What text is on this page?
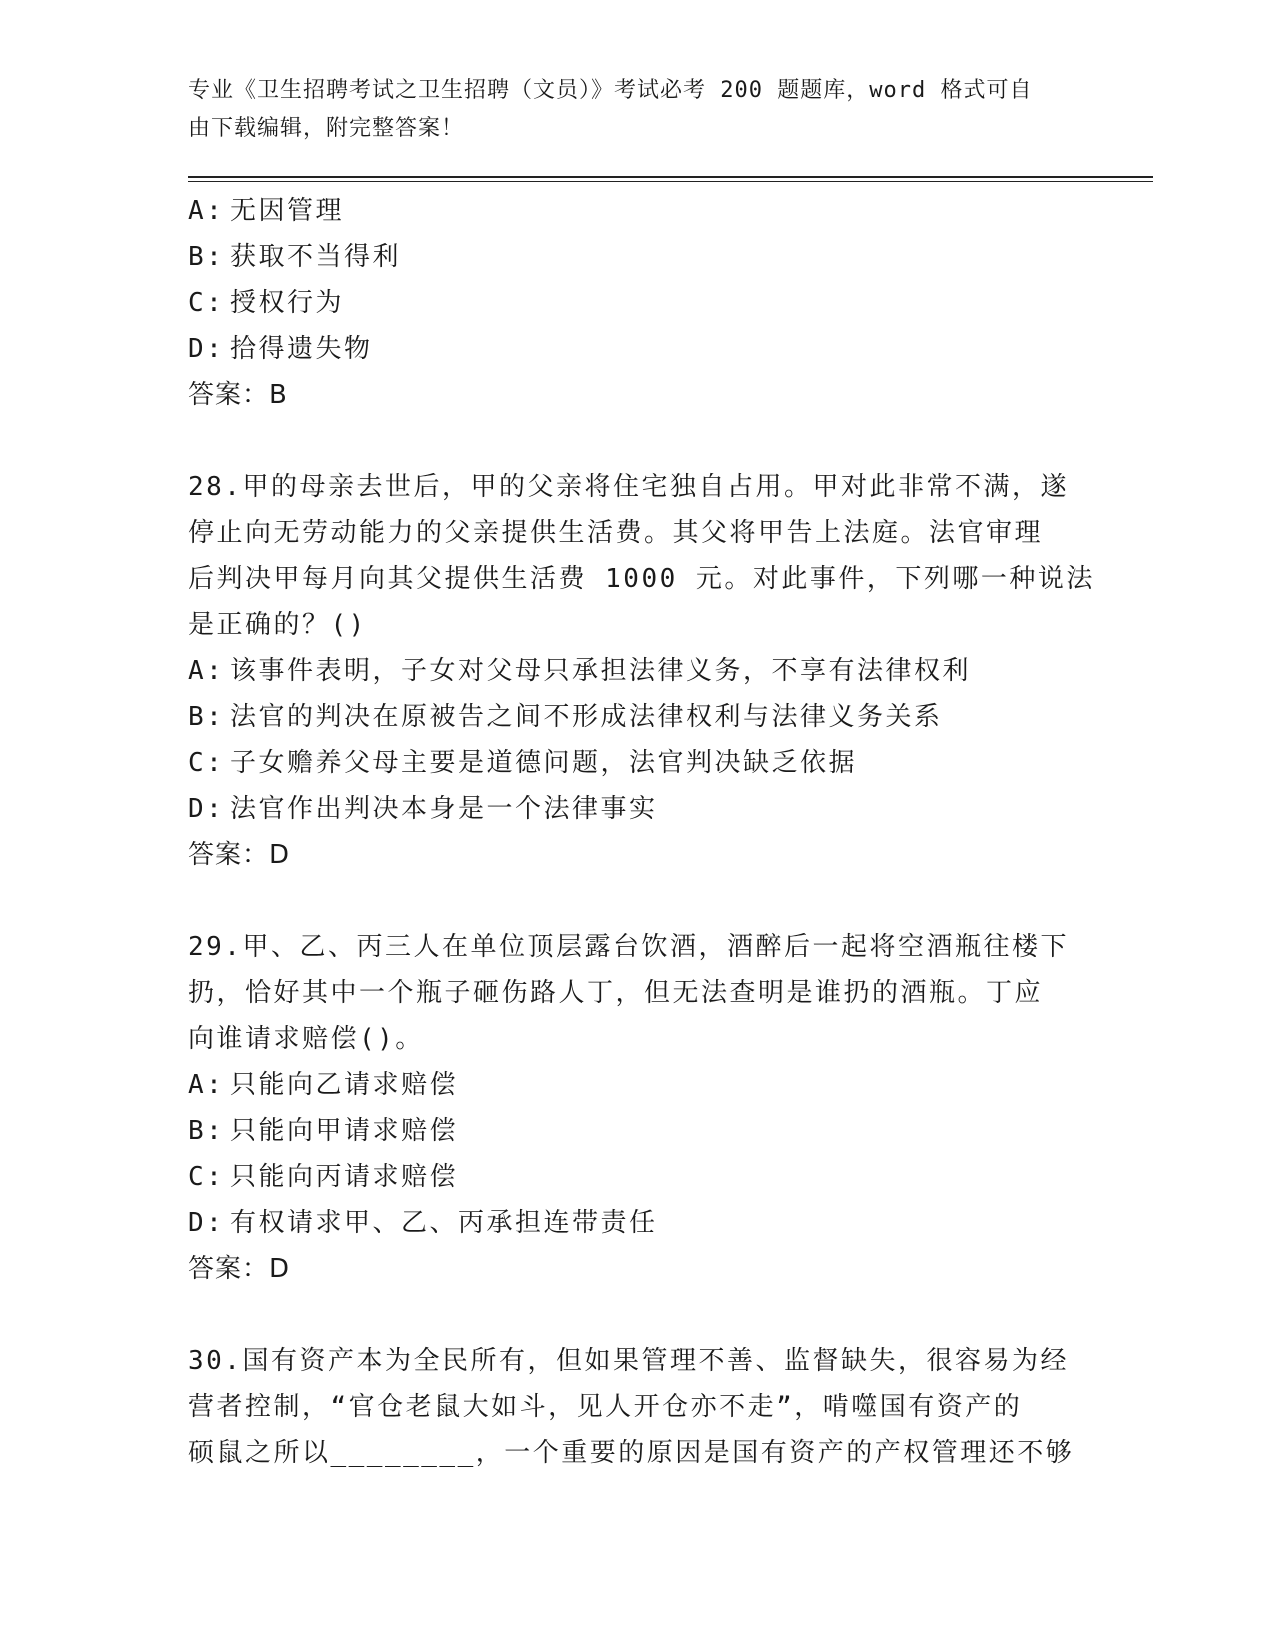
专业《卫生招聘考试之卫生招聘（文员）》考试必考 200 题题库，word 格式可自
由下载编辑，附完整答案！
A: 无因管理
B: 获取不当得利
C: 授权行为
D: 拾得遗失物
答案：B
28.甲的母亲去世后，甲的父亲将住宅独自占用。甲对此非常不满，遂
停止向无劳动能力的父亲提供生活费。其父将甲告上法庭。法官审理
后判决甲每月向其父提供生活费 1000 元。对此事件，下列哪一种说法
是正确的？()
A: 该事件表明，子女对父母只承担法律义务，不享有法律权利
B: 法官的判决在原被告之间不形成法律权利与法律义务关系
C: 子女赡养父母主要是道德问题，法官判决缺乏依据
D: 法官作出判决本身是一个法律事实
答案：D
29.甲、乙、丙三人在单位顶层露台饮酒，酒醉后一起将空酒瓶往楼下
扔，恰好其中一个瓶子砸伤路人丁，但无法查明是谁扔的酒瓶。丁应
向谁请求赔偿()。
A: 只能向乙请求赔偿
B: 只能向甲请求赔偿
C: 只能向丙请求赔偿
D: 有权请求甲、乙、丙承担连带责任
答案：D
30.国有资产本为全民所有，但如果管理不善、监督缺失，很容易为经
营者控制，“官仓老鼠大如斗，见人开仓亦不走”，啃噬国有资产的
硕鼠之所以________，一个重要的原因是国有资产的产权管理还不够
